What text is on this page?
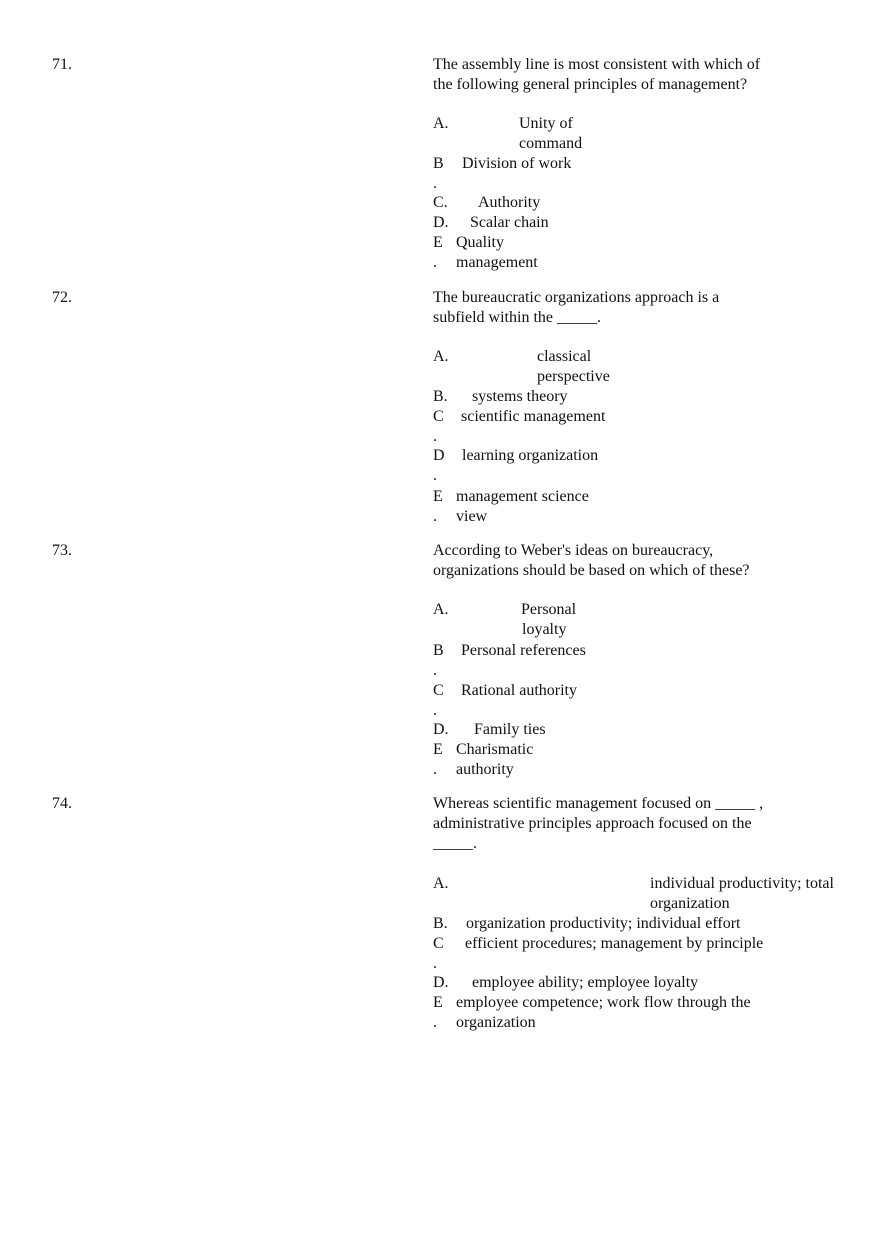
71.	The assembly line is most consistent with which of
the following general principles of management?
A.	Unity of
command
B
.
Division of work
C. Authority
D. Scalar chain
E
.
Quality
management
72.	The bureaucratic organizations approach is a
subfield within the _____.
A.	classical
perspective
B. systems theory
C
.
scientific management
D
.
learning organization
E
.
management science
view
73.	According to Weber's ideas on bureaucracy,
organizations should be based on which of these?
A.	Personal
loyalty
B
.
Personal references
C
.
Rational authority
D. Family ties
E
.
Charismatic
authority
74.	Whereas scientific management focused on _____ ,
administrative principles approach focused on the
_____.
A.	individual productivity; total
organization
B. organization productivity; individual effort
C
.
efficient procedures; management by principle
D. employee ability; employee loyalty
E
.
employee competence; work flow through the
organization
